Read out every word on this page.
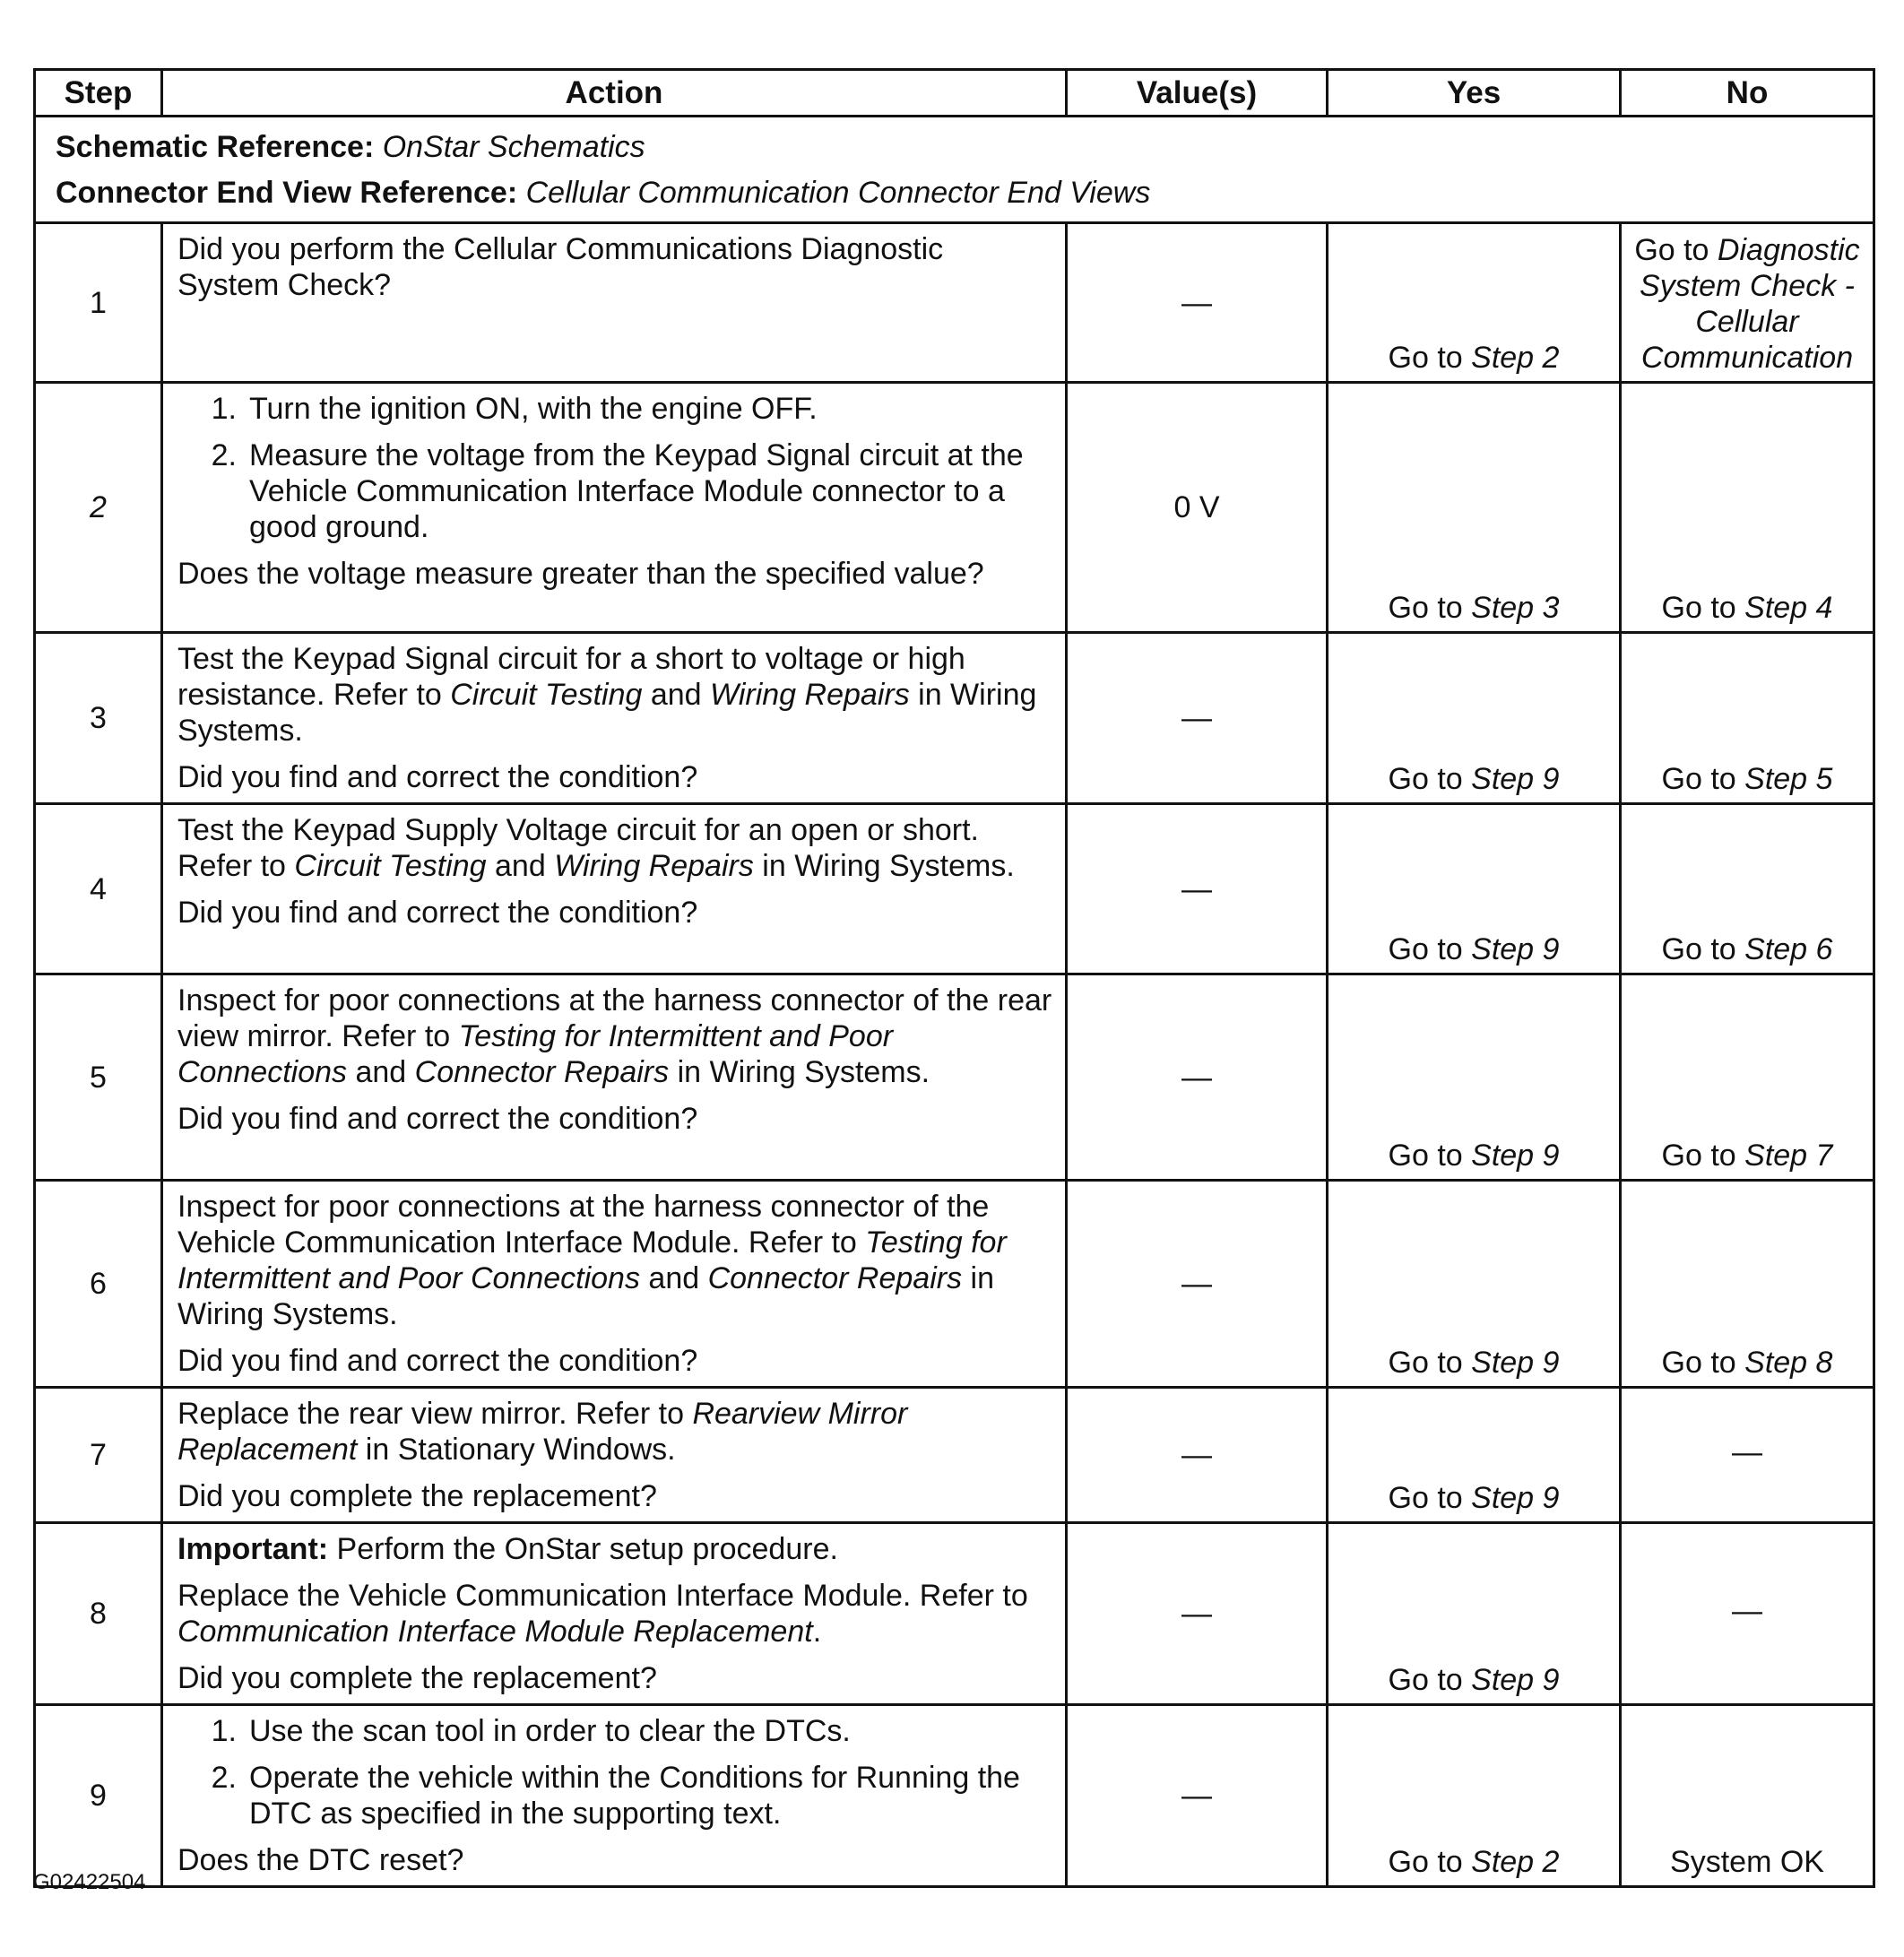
Step	Action	Value(s)	Yes	No

Schematic Reference: OnStar Schematics
Connector End View Reference: Cellular Communication Connector End Views				

1	Did you perform the Cellular Communications Diagnostic System Check?	—	Go to Step 2	Go to Diagnostic System Check - Cellular Communication
2	1. Turn the ignition ON, with the engine OFF.
2. Measure the voltage from the Keypad Signal circuit at the Vehicle Communication Interface Module connector to a good ground.
Does the voltage measure greater than the specified value?	0 V	Go to Step 3	Go to Step 4
3	Test the Keypad Signal circuit for a short to voltage or high resistance. Refer to Circuit Testing and Wiring Repairs in Wiring Systems.
Did you find and correct the condition?	—	Go to Step 9	Go to Step 5
4	Test the Keypad Supply Voltage circuit for an open or short. Refer to Circuit Testing and Wiring Repairs in Wiring Systems.
Did you find and correct the condition?	—	Go to Step 9	Go to Step 6
5	Inspect for poor connections at the harness connector of the rear view mirror. Refer to Testing for Intermittent and Poor Connections and Connector Repairs in Wiring Systems.
Did you find and correct the condition?	—	Go to Step 9	Go to Step 7
6	Inspect for poor connections at the harness connector of the Vehicle Communication Interface Module. Refer to Testing for Intermittent and Poor Connections and Connector Repairs in Wiring Systems.
Did you find and correct the condition?	—	Go to Step 9	Go to Step 8
7	Replace the rear view mirror. Refer to Rearview Mirror Replacement in Stationary Windows.
Did you complete the replacement?	—	Go to Step 9	—
8	Important: Perform the OnStar setup procedure.
Replace the Vehicle Communication Interface Module. Refer to Communication Interface Module Replacement.
Did you complete the replacement?	—	Go to Step 9	—
9	1. Use the scan tool in order to clear the DTCs.
2. Operate the vehicle within the Conditions for Running the DTC as specified in the supporting text.
Does the DTC reset?	—	Go to Step 2	System OK
G02422504
